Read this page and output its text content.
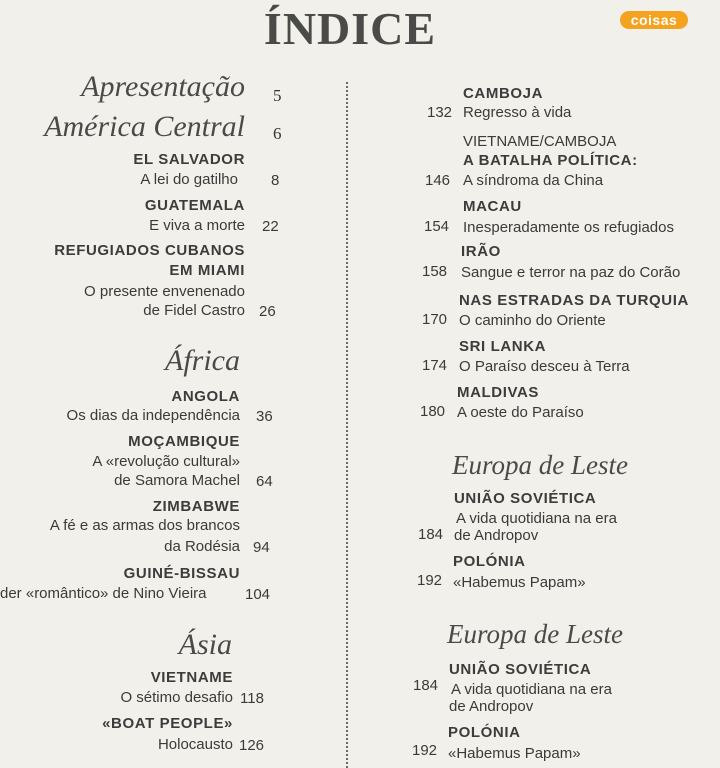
ÍNDICE	coisas
Apresentação 5
América Central 6
EL SALVADOR
A lei do gatilho 8
GUATEMALA
E viva a morte 22
REFUGIADOS CUBANOS
EM MIAMI
O presente envenenado
de Fidel Castro 26
África
ANGOLA
Os dias da independência 36
MOÇAMBIQUE
A «revolução cultural»
de Samora Machel 64
ZIMBABWE
A fé e as armas dos brancos
da Rodésia 94
GUINÉ-BISSAU
der «romântico» de Nino Vieira	104
Ásia
VIETNAME
O sétimo desafio 118
«BOAT PEOPLE»
Holocausto 126
CAMBOJA
132 Regresso à vida
VIETNAME/CAMBOJA
A BATALHA POLÍTICA:
146 A síndroma da China
MACAU
154 Inesperadamente os refugiados
IRÃO
158 Sangue e terror na paz do Corão
NAS ESTRADAS DA TURQUIA
170 O caminho do Oriente
SRI LANKA
174 O Paraíso desceu à Terra
MALDIVAS
180 A oeste do Paraíso
Europa de Leste
UNIÃO SOVIÉTICA
A vida quotidiana na era
184 de Andropov
POLÓNIA
192 «Habemus Papam»
Europa de Leste
UNIÃO SOVIÉTICA
A vida quotidiana na era
184
de Andropov
POLÓNIA
192 «Habemus Papam»
